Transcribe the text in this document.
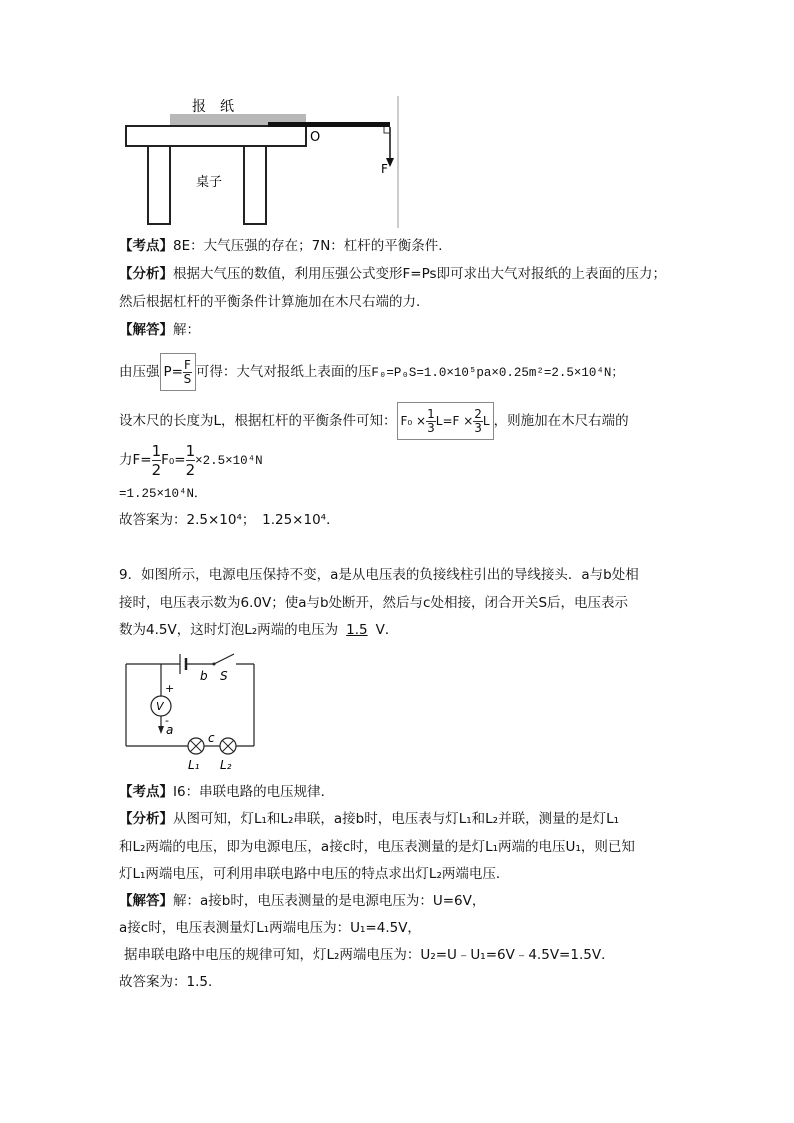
报　纸
桌子
O
F
【考点】8E：大气压强的存在；7N：杠杆的平衡条件．
【分析】根据大气压的数值，利用压强公式变形F=Ps即可求出大气对报纸的上表面的压力；
然后根据杠杆的平衡条件计算施加在木尺右端的力．
【解答】解：
由压强 $P= \frac{F}{S}$ 可得：大气对报纸上表面的压F₀=P₀S=1.0×10⁵pa×0.25m²=2.5×10⁴N；
设木尺的长度为L，根据杠杆的平衡条件可知： $F_0 \times \frac{1}{3} L=F \times \frac{2}{3}$ L ，则施加在木尺右端的
力$F= \frac{1}{2} F_0= \frac{1}{2} \times 2.5\times 10^4N$
=1.25×10⁴N．
故答案为：2.5×10⁴；　1.25×10⁴．
9．如图所示，电源电压保持不变，a是从电压表的负接线柱引出的导线接头．a与b处相
接时，电压表示数为6.0V；使a与b处断开，然后与c处相接，闭合开关S后，电压表示
数为4.5V，这时灯泡L₂两端的电压为 1.5 V．
b S
V
+
-
a
c
L₁ L₂
【考点】I6：串联电路的电压规律．
【分析】从图可知，灯L₁和L₂串联，a接b时，电压表与灯L₁和L₂并联，测量的是灯L₁
和L₂两端的电压，即为电源电压，a接c时，电压表测量的是灯L₁两端的电压U₁，则已知
灯L₁两端电压，可利用串联电路中电压的特点求出灯L₂两端电压．
【解答】解：a接b时，电压表测量的是电源电压为：U=6V，
a接c时，电压表测量灯L₁两端电压为：U₁=4.5V，
据串联电路中电压的规律可知，灯L₂两端电压为：U₂=U﹣U₁=6V﹣4.5V=1.5V．
故答案为：1.5．
